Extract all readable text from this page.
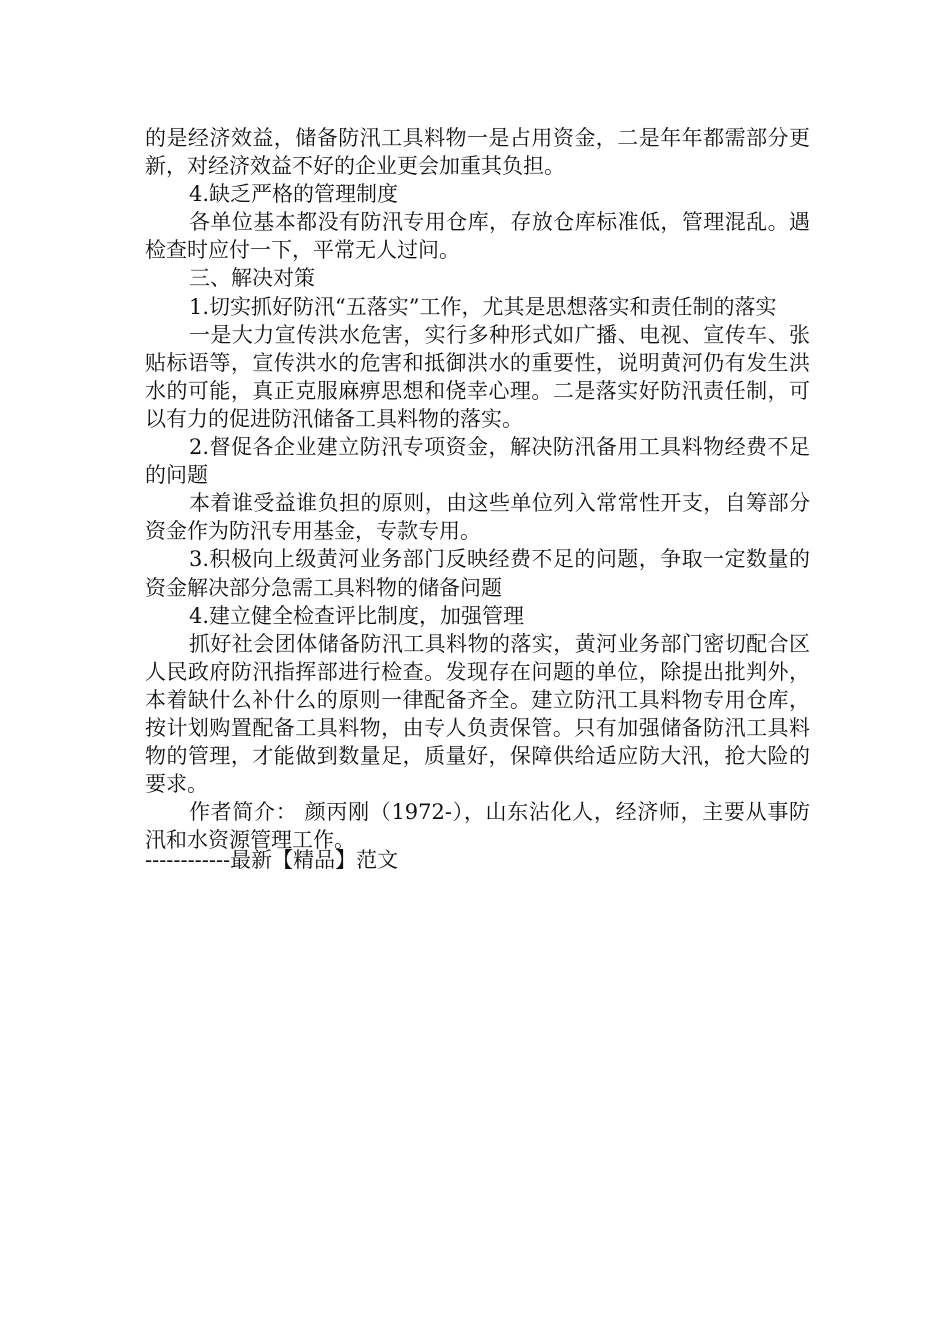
的是经济效益，储备防汛工具料物一是占用资金，二是年年都需部分更新，对经济效益不好的企业更会加重其负担。

4.缺乏严格的管理制度

各单位基本都没有防汛专用仓库，存放仓库标准低，管理混乱。遇检查时应付一下，平常无人过问。

三、解决对策

1.切实抓好防汛“五落实”工作，尤其是思想落实和责任制的落实

一是大力宣传洪水危害，实行多种形式如广播、电视、宣传车、张贴标语等，宣传洪水的危害和抵御洪水的重要性，说明黄河仍有发生洪水的可能，真正克服麻痹思想和侥幸心理。二是落实好防汛责任制，可以有力的促进防汛储备工具料物的落实。

2.督促各企业建立防汛专项资金，解决防汛备用工具料物经费不足的问题

本着谁受益谁负担的原则，由这些单位列入常常性开支，自筹部分资金作为防汛专用基金，专款专用。

3.积极向上级黄河业务部门反映经费不足的问题，争取一定数量的资金解决部分急需工具料物的储备问题

4.建立健全检查评比制度，加强管理

抓好社会团体储备防汛工具料物的落实，黄河业务部门密切配合区人民政府防汛指挥部进行检查。发现存在问题的单位，除提出批判外，本着缺什么补什么的原则一律配备齐全。建立防汛工具料物专用仓库，按计划购置配备工具料物，由专人负责保管。只有加强储备防汛工具料物的管理，才能做到数量足，质量好，保障供给适应防大汛，抢大险的要求。

作者简介： 颜丙刚（1972-），山东沾化人，经济师，主要从事防汛和水资源管理工作。

------------最新【精品】范文
